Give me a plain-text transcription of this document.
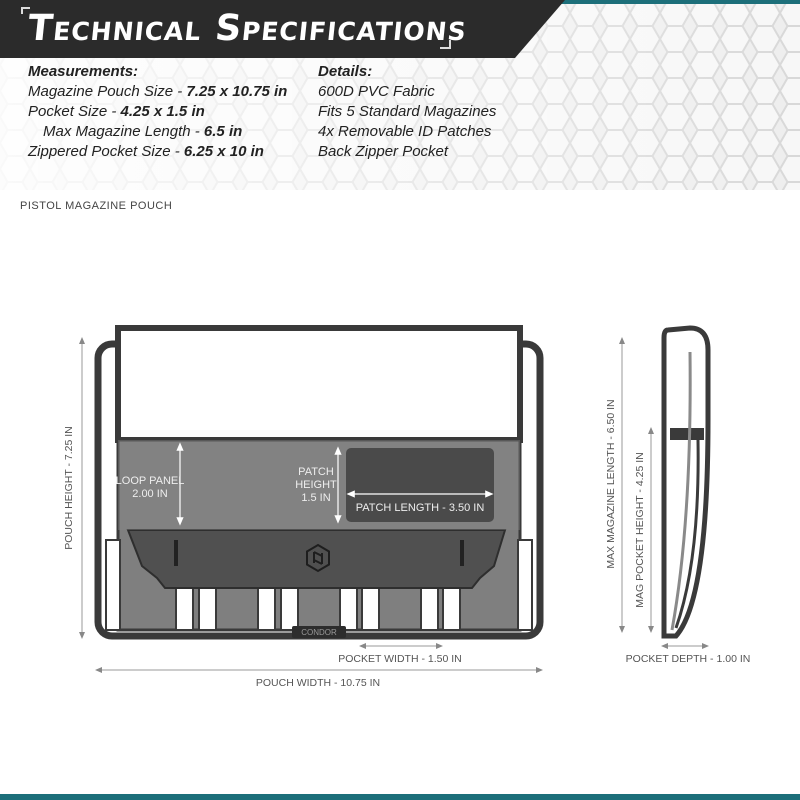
Technical Specifications
Measurements:
Magazine Pouch Size - 7.25 x 10.75 in
Pocket Size - 4.25 x 1.5 in
Max Magazine Length - 6.5 in
Zippered Pocket Size - 6.25 x 10 in
Details:
600D PVC Fabric
Fits 5 Standard Magazines
4x Removable ID Patches
Back Zipper Pocket
PISTOL MAGAZINE POUCH
CONDOR
LOOP PANEL
2.00 IN
PATCH
HEIGHT
1.5 IN
PATCH LENGTH - 3.50 IN
POUCH HEIGHT - 7.25 IN
POCKET WIDTH - 1.50 IN
POUCH WIDTH - 10.75 IN
MAX MAGAZINE LENGTH - 6.50 IN MAG POCKET HEIGHT - 4.25 IN
POCKET DEPTH - 1.00 IN
